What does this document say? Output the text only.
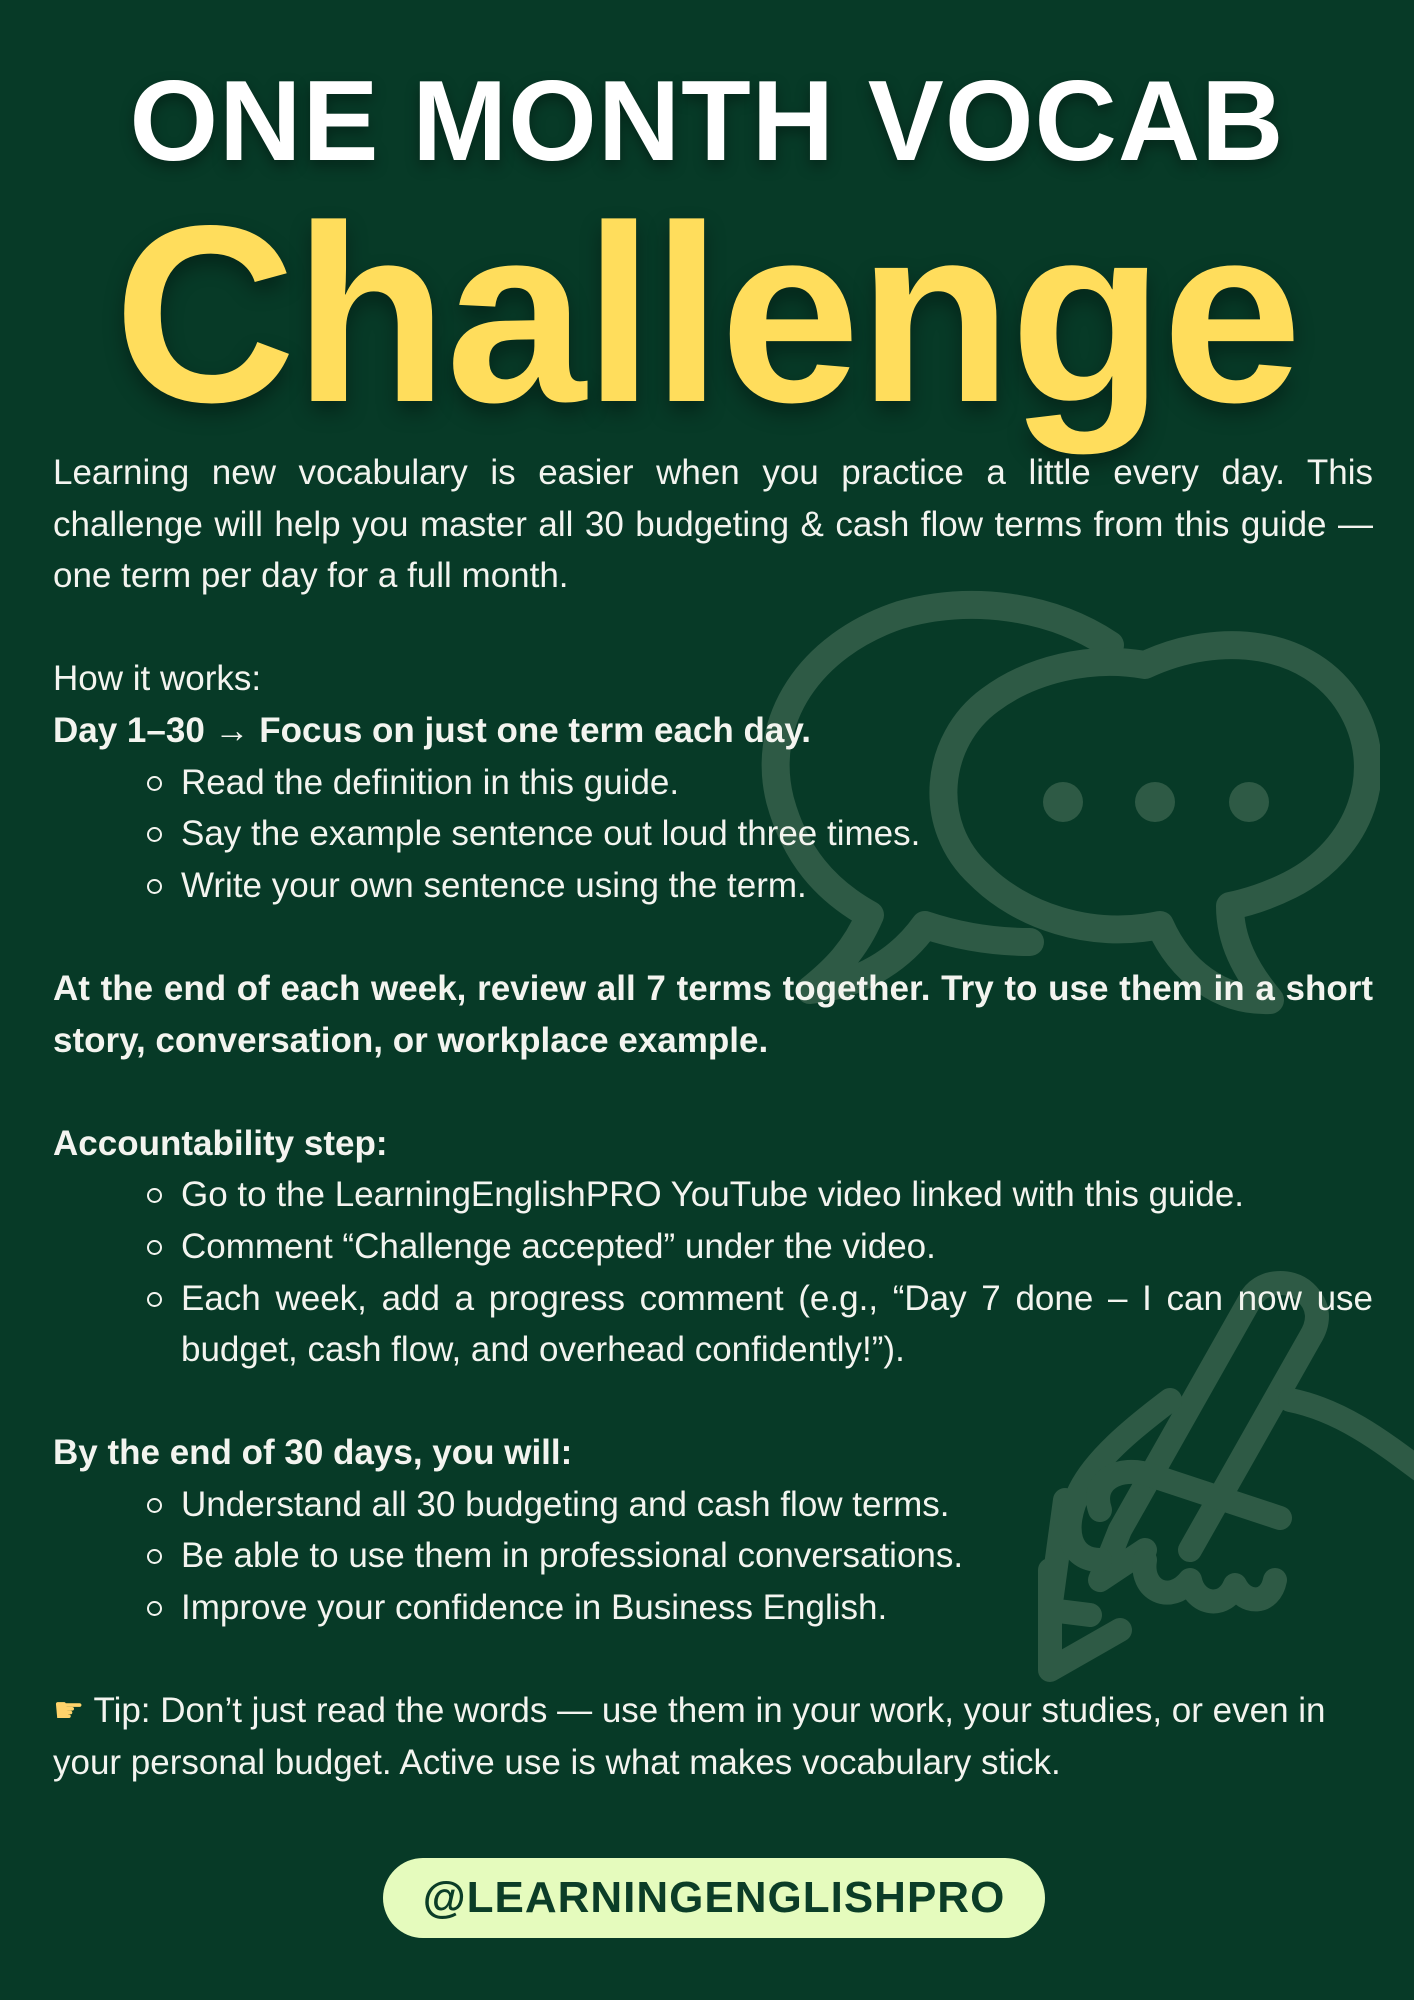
ONE MONTH VOCAB
Challenge

Learning new vocabulary is easier when you practice a little every day. This challenge will help you master all 30 budgeting & cash flow terms from this guide — one term per day for a full month.

How it works:

Day 1–30 → Focus on just one term each day.

Read the definition in this guide.
Say the example sentence out loud three times.
Write your own sentence using the term.

At the end of each week, review all 7 terms together. Try to use them in a short story, conversation, or workplace example.

Accountability step:

Go to the LearningEnglishPRO YouTube video linked with this guide.
Comment “Challenge accepted” under the video.
Each week, add a progress comment (e.g., “Day 7 done – I can now use budget, cash flow, and overhead confidently!”).

By the end of 30 days, you will:

Understand all 30 budgeting and cash flow terms.
Be able to use them in professional conversations.
Improve your confidence in Business English.

☛ Tip: Don’t just read the words — use them in your work, your studies, or even in your personal budget. Active use is what makes vocabulary stick.

@LEARNINGENGLISHPRO
